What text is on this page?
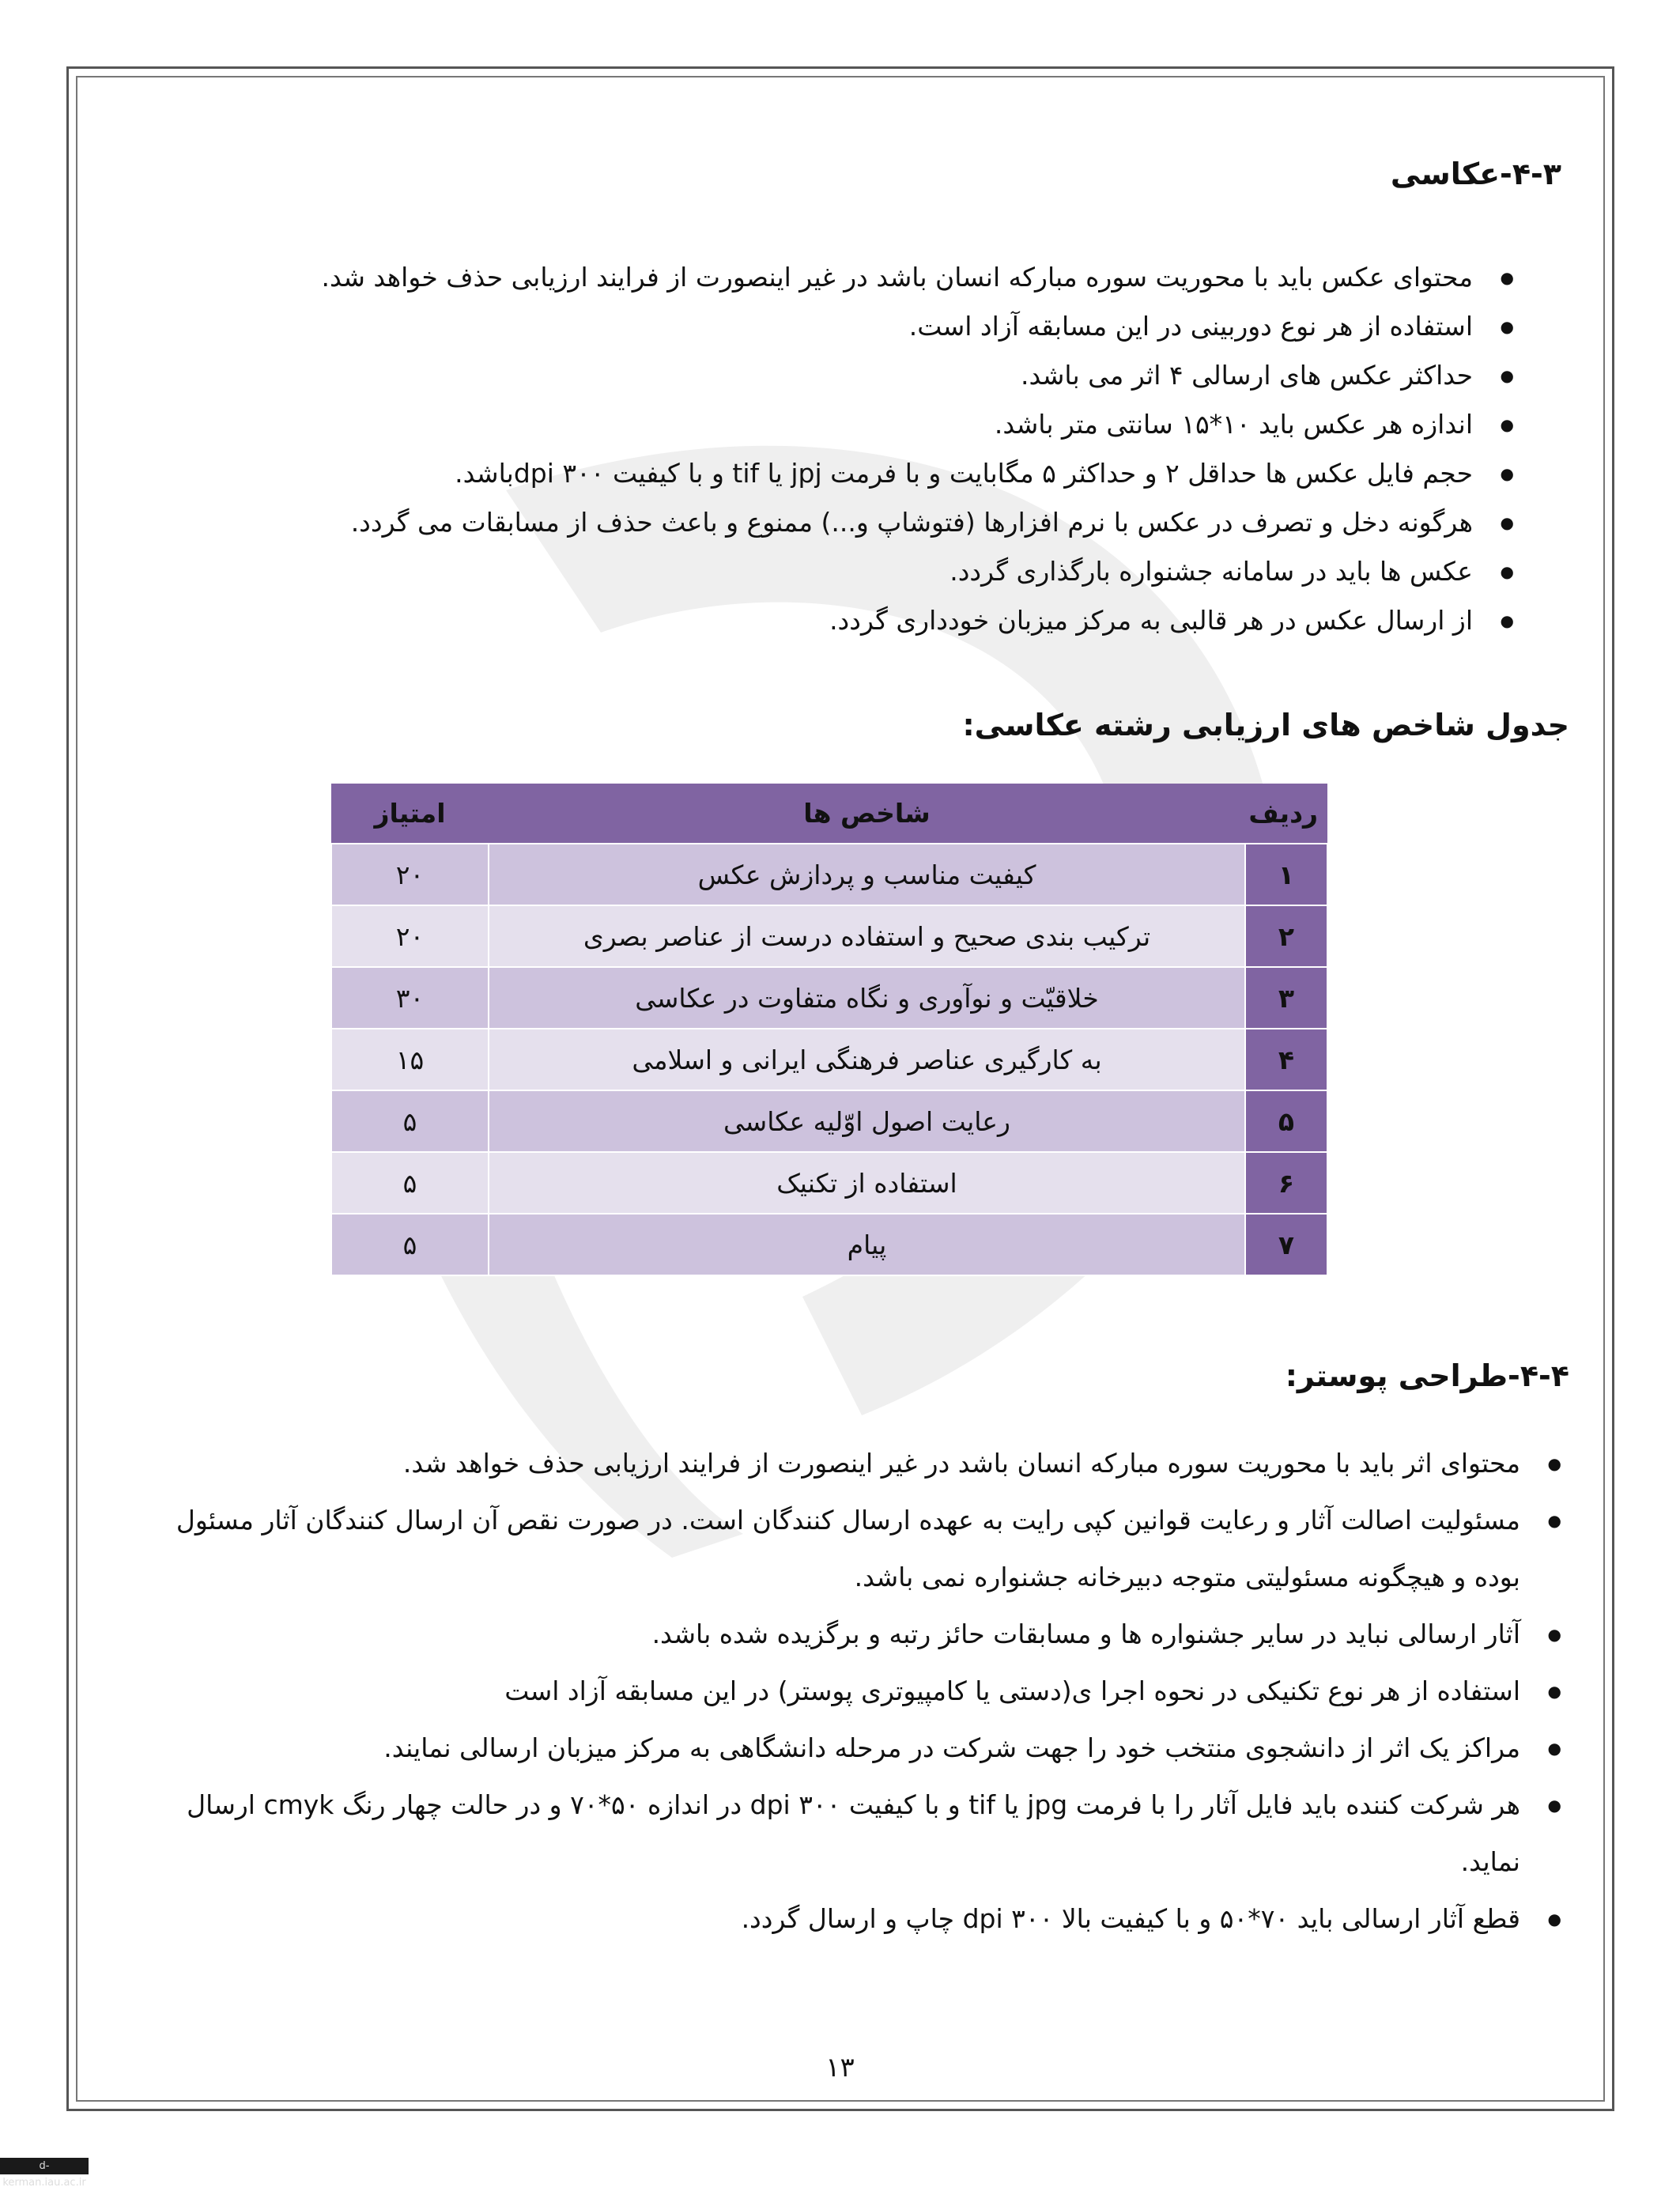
۴-۳-عکاسی
● محتوای عکس باید با محوریت سوره مبارکه انسان باشد در غیر اینصورت از فرایند ارزیابی حذف خواهد شد.
● استفاده از هر نوع دوربینی در این مسابقه آزاد است.
● حداکثر عکس های ارسالی ۴ اثر می باشد.
● اندازه هر عکس باید ۱۰*۱۵ سانتی متر باشد.
● حجم فایل عکس ها حداقل ۲ و حداکثر ۵ مگابایت و با فرمت jpj یا tif و با کیفیت dpi ۳۰۰باشد.
● هرگونه دخل و تصرف در عکس با نرم افزارها (فتوشاپ و...) ممنوع و باعث حذف از مسابقات می گردد.
● عکس ها باید در سامانه جشنواره بارگذاری گردد.
● از ارسال عکس در هر قالبی به مرکز میزبان خودداری گردد.
جدول شاخص های ارزیابی رشته عکاسی:
ردیف	شاخص ها	امتیاز
۱	کیفیت مناسب و پردازش عکس	۲۰
۲	ترکیب بندی صحیح و استفاده درست از عناصر بصری	۲۰
۳	خلاقیّت و نوآوری و نگاه متفاوت در عکاسی	۳۰
۴	به کارگیری عناصر فرهنگی ایرانی و اسلامی	۱۵
۵	رعایت اصول اوّلیه عکاسی	۵
۶	استفاده از تکنیک	۵
۷	پیام	۵
۴-۴-طراحی پوستر:
● محتوای اثر باید با محوریت سوره مبارکه انسان باشد در غیر اینصورت از فرایند ارزیابی حذف خواهد شد.
● مسئولیت اصالت آثار و رعایت قوانین کپی رایت به عهده ارسال کنندگان است. در صورت نقص آن ارسال کنندگان آثار مسئول بوده و هیچگونه مسئولیتی متوجه دبیرخانه جشنواره نمی باشد.
● آثار ارسالی نباید در سایر جشنواره ها و مسابقات حائز رتبه و برگزیده شده باشد.
● استفاده از هر نوع تکنیکی در نحوه اجرا ی(دستی یا کامپیوتری پوستر) در این مسابقه آزاد است
● مراکز یک اثر از دانشجوی منتخب خود را جهت شرکت در مرحله دانشگاهی به مرکز میزبان ارسالی نمایند.
● هر شرکت کننده باید فایل آثار را با فرمت jpg یا tif و با کیفیت dpi ۳۰۰ در اندازه ۵۰*۷۰ و در حالت چهار رنگ cmyk ارسال نماید.
● قطع آثار ارسالی باید ۷۰*۵۰ و با کیفیت بالا ۳۰۰ dpi چاپ و ارسال گردد.
۱۳
d-kerman.iau.ac.ir
